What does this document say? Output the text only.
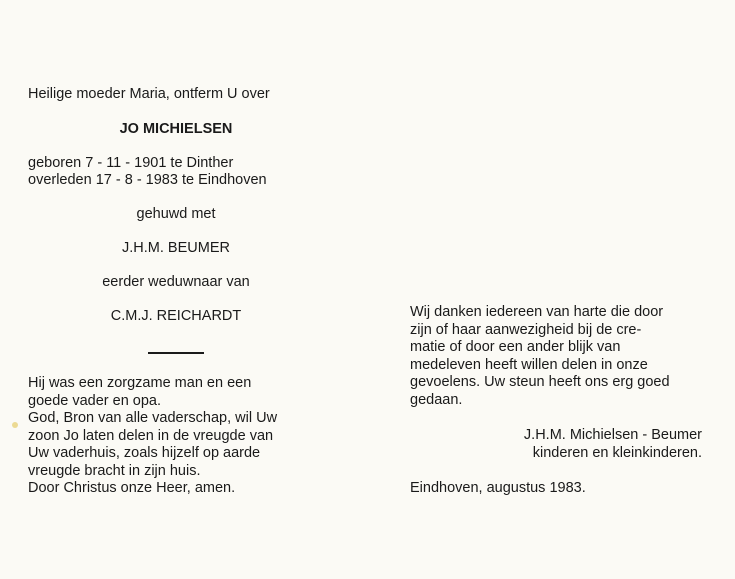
Heilige moeder Maria, ontferm U over
JO MICHIELSEN
geboren 7 - 11 - 1901 te Dinther
overleden 17 - 8 - 1983 te Eindhoven
gehuwd met
J.H.M. BEUMER
eerder weduwnaar van
C.M.J. REICHARDT
Hij was een zorgzame man en een
goede vader en opa.
God, Bron van alle vaderschap, wil Uw
zoon Jo laten delen in de vreugde van
Uw vaderhuis, zoals hijzelf op aarde
vreugde bracht in zijn huis.
Door Christus onze Heer, amen.
Wij danken iedereen van harte die door
zijn of haar aanwezigheid bij de cre-
matie of door een ander blijk van
medeleven heeft willen delen in onze
gevoelens. Uw steun heeft ons erg goed
gedaan.
J.H.M. Michielsen - Beumer
kinderen en kleinkinderen.
Eindhoven, augustus 1983.
